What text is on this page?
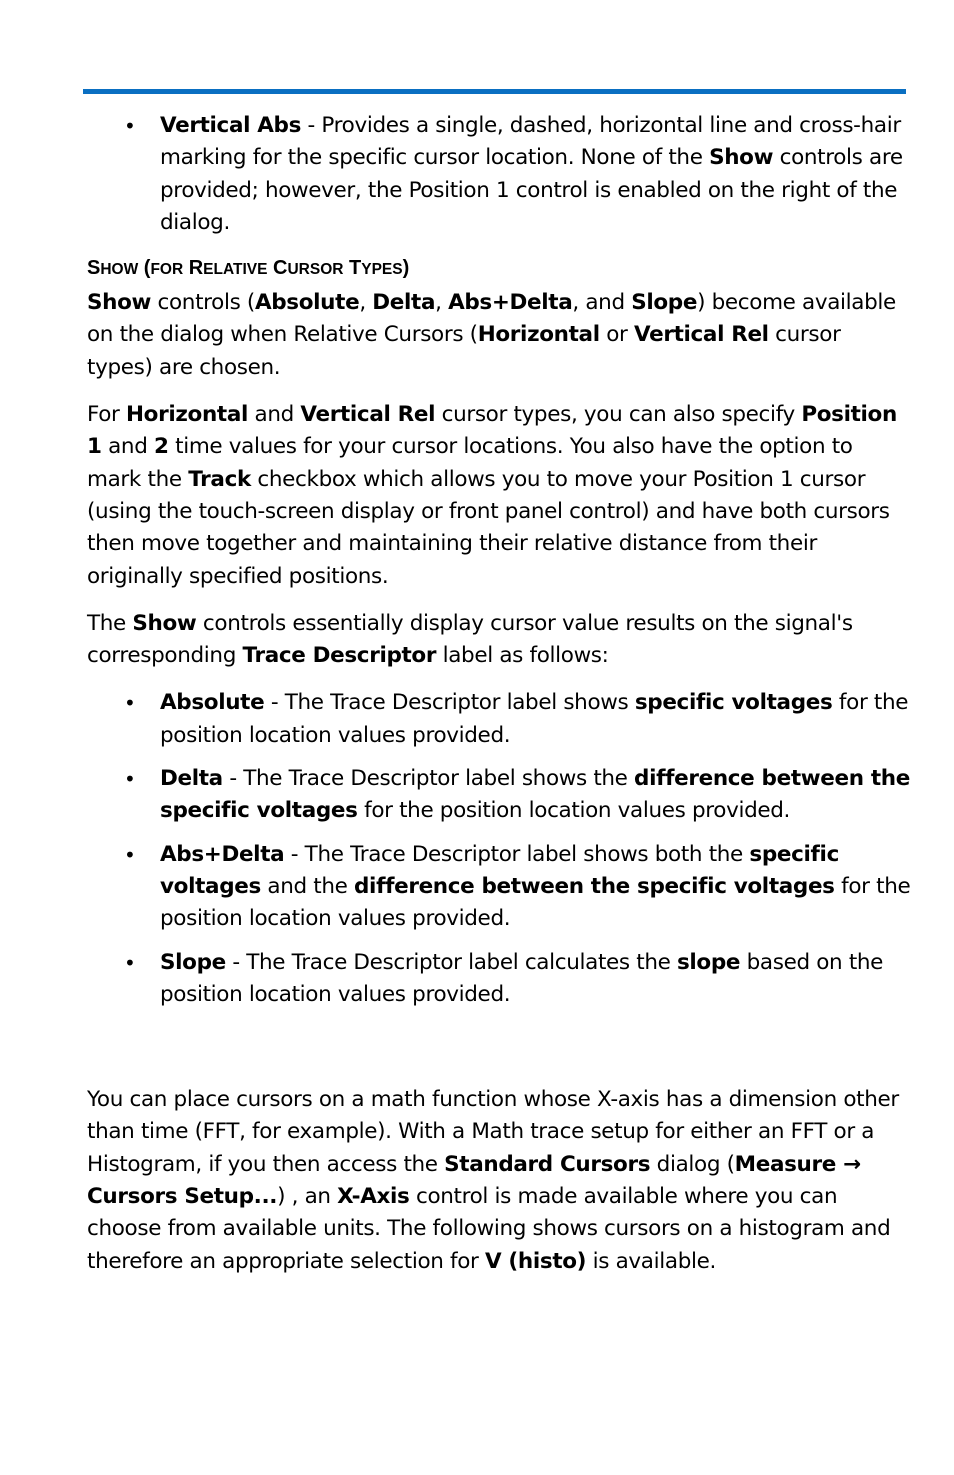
• Vertical Abs - Provides a single, dashed, horizontal line and cross-hair marking for the specific cursor location. None of the Show controls are provided; however, the Position 1 control is enabled on the right of the dialog.
SHOW (FOR RELATIVE CURSOR TYPES)

Show controls (Absolute, Delta, Abs+Delta, and Slope) become available on the dialog when Relative Cursors (Horizontal or Vertical Rel cursor types) are chosen.

For Horizontal and Vertical Rel cursor types, you can also specify Position 1 and 2 time values for your cursor locations. You also have the option to mark the Track checkbox which allows you to move your Position 1 cursor (using the touch-screen display or front panel control) and have both cursors then move together and maintaining their relative distance from their originally specified positions.

The Show controls essentially display cursor value results on the signal's corresponding Trace Descriptor label as follows:

• Absolute - The Trace Descriptor label shows specific voltages for the position location values provided.
• Delta - The Trace Descriptor label shows the difference between the specific voltages for the position location values provided.
• Abs+Delta - The Trace Descriptor label shows both the specific voltages and the difference between the specific voltages for the position location values provided.
• Slope - The Trace Descriptor label calculates the slope based on the position location values provided.

You can place cursors on a math function whose X-axis has a dimension other than time (FFT, for example). With a Math trace setup for either an FFT or a Histogram, if you then access the Standard Cursors dialog (Measure → Cursors Setup...) , an X-Axis control is made available where you can choose from available units. The following shows cursors on a histogram and therefore an appropriate selection for V (histo) is available.
